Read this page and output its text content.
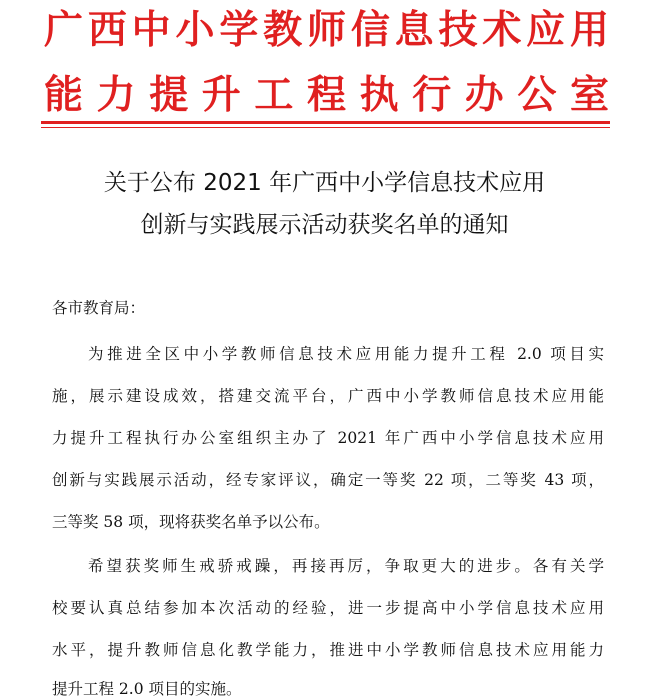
广西中小学教师信息技术应用
能力提升工程执行办公室
关于公布 2021 年广西中小学信息技术应用
创新与实践展示活动获奖名单的通知
各市教育局：
为推进全区中小学教师信息技术应用能力提升工程 2.0 项目实
施，展示建设成效，搭建交流平台，广西中小学教师信息技术应用能
力提升工程执行办公室组织主办了 2021 年广西中小学信息技术应用
创新与实践展示活动，经专家评议，确定一等奖 22 项，二等奖 43 项，
三等奖 58 项，现将获奖名单予以公布。
希望获奖师生戒骄戒躁，再接再厉，争取更大的进步。各有关学
校要认真总结参加本次活动的经验，进一步提高中小学信息技术应用
水平，提升教师信息化教学能力，推进中小学教师信息技术应用能力
提升工程 2.0 项目的实施。
